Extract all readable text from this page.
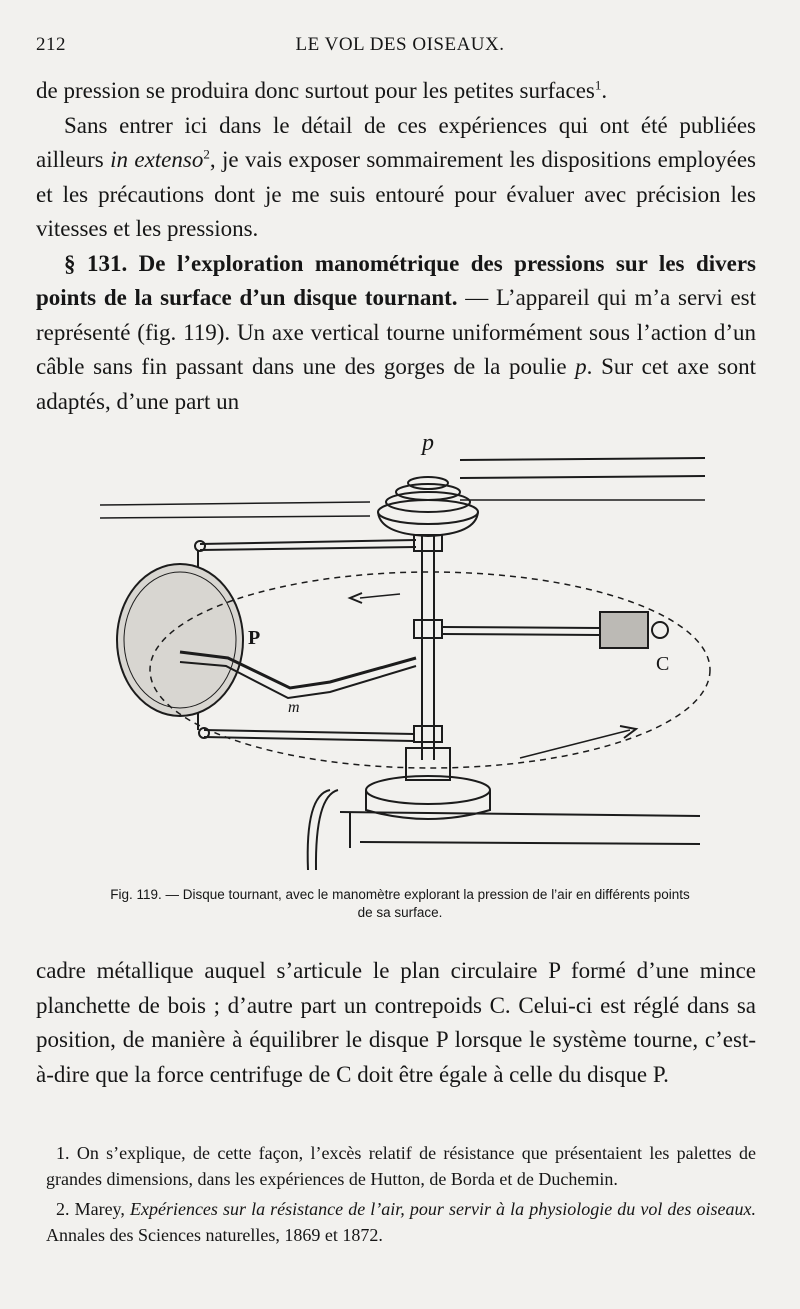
212	LE VOL DES OISEAUX.

de pression se produira donc surtout pour les petites surfaces$^1$.

Sans entrer ici dans le détail de ces expériences qui ont été publiées ailleurs in extenso$^2$, je vais exposer sommairement les dispositions employées et les précautions dont je me suis entouré pour évaluer avec précision les vitesses et les pressions.

§ 131. De l’exploration manométrique des pressions sur les divers points de la surface d’un disque tournant. — L’appareil qui m’a servi est représenté (fig. 119). Un axe vertical tourne uniformément sous l’action d’un câble sans fin passant dans une des gorges de la poulie p. Sur cet axe sont adaptés, d’une part un

p
P
C
m
Fig. 119. — Disque tournant, avec le manomètre explorant la pression de l’air en différents points
de sa surface.

cadre métallique auquel s’articule le plan circulaire P formé d’une mince planchette de bois ; d’autre part un contrepoids C. Celui-ci est réglé dans sa position, de manière à équilibrer le disque P lorsque le système tourne, c’est-à-dire que la force centrifuge de C doit être égale à celle du disque P.

1. On s’explique, de cette façon, l’excès relatif de résistance que présentaient les palettes de grandes dimensions, dans les expériences de Hutton, de Borda et de Duchemin.

2. Marey, Expériences sur la résistance de l’air, pour servir à la physiologie du vol des oiseaux. Annales des Sciences naturelles, 1869 et 1872.
